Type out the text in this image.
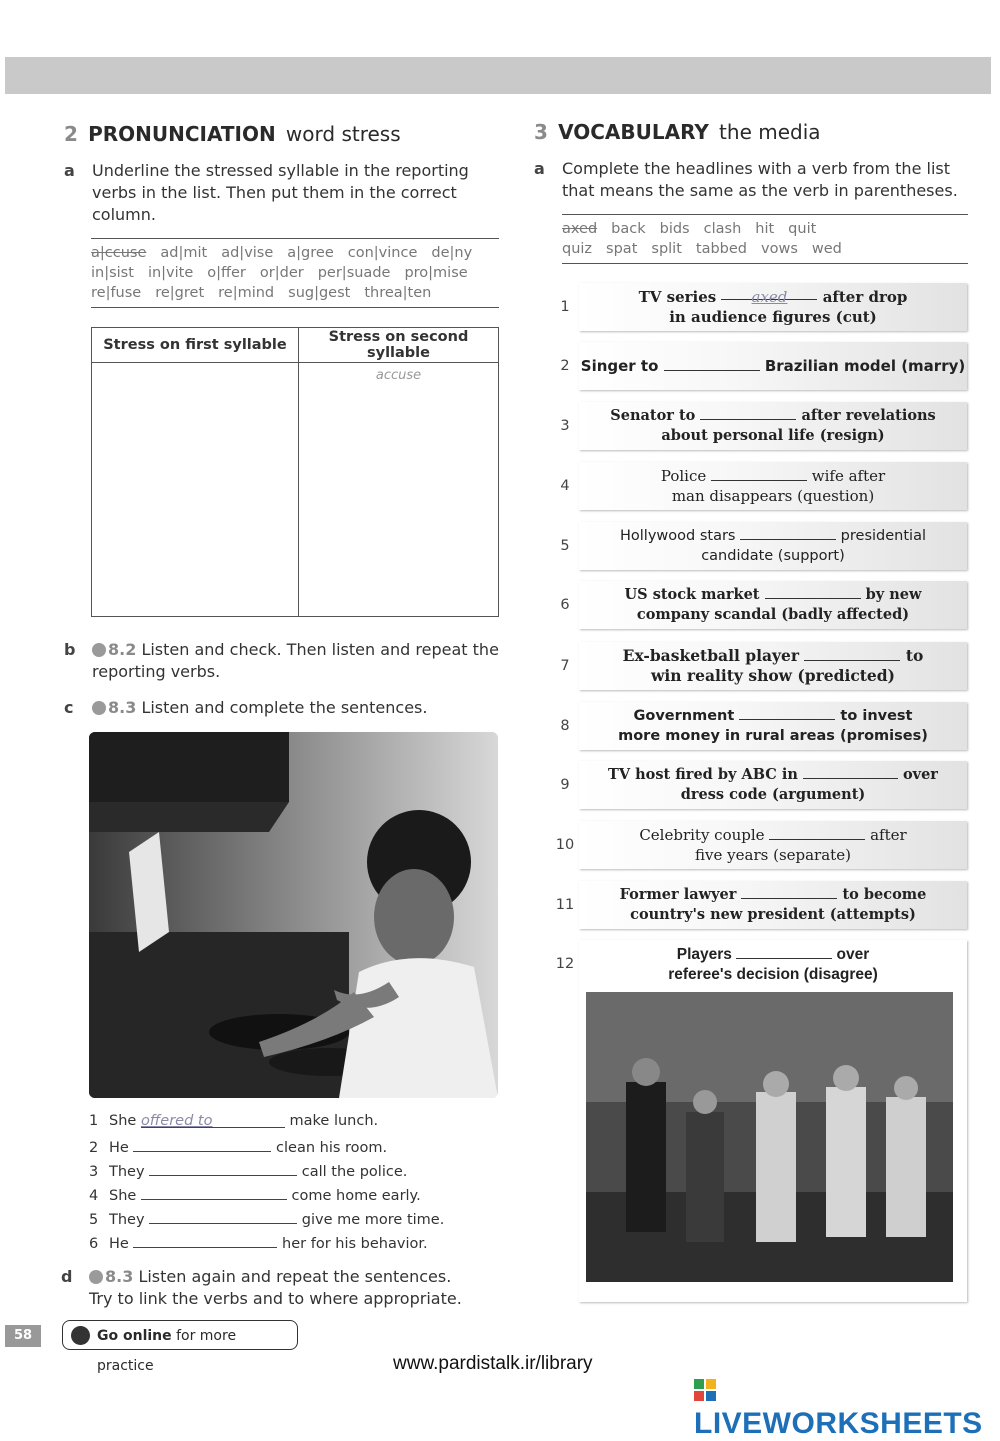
2 PRONUNCIATION word stress
a Underline the stressed syllable in the reporting verbs in the list. Then put them in the correct column.
a|ccuse ad|mit ad|vise a|gree con|vince de|ny
in|sist in|vite o|ffer or|der per|suade pro|mise
re|fuse re|gret re|mind sug|gest threa|ten
Stress on first syllable	Stress on second syllable

	accuse
b 8.2 Listen and check. Then listen and repeat the reporting verbs.
c 8.3 Listen and complete the sentences.
1 She offered to	make lunch.
2 He	clean his room.
3 They	call the police.
4 She	come home early.
5 They	give me more time.
6 He	her for his behavior.
d 8.3 Listen again and repeat the sentences.
Try to link the verbs and to where appropriate.
3 VOCABULARY the media
a Complete the headlines with a verb from the list that means the same as the verb in parentheses.
axed back bids clash hit quit
quiz spat split tabbed vows wed
1
TV series axed after drop
in audience figures (cut)
2 Singer to	Brazilian model (marry)
3
Senator to	after revelations
about personal life (resign)
4
Police	wife after
man disappears (question)
5
Hollywood stars	presidential
candidate (support)
6
US stock market	by new
company scandal (badly affected)
7
Ex-basketball player	to
win reality show (predicted)
8
Government	to invest
more money in rural areas (promises)
9
TV host fired by ABC in	over
dress code (argument)
10
Celebrity couple	after
five years (separate)
11
Former lawyer	to become
country's new president (attempts)
12
Players	over
referee's decision (disagree)
58	Go online for more practice	www.pardistalk.ir/library
LIVEWORKSHEETS
